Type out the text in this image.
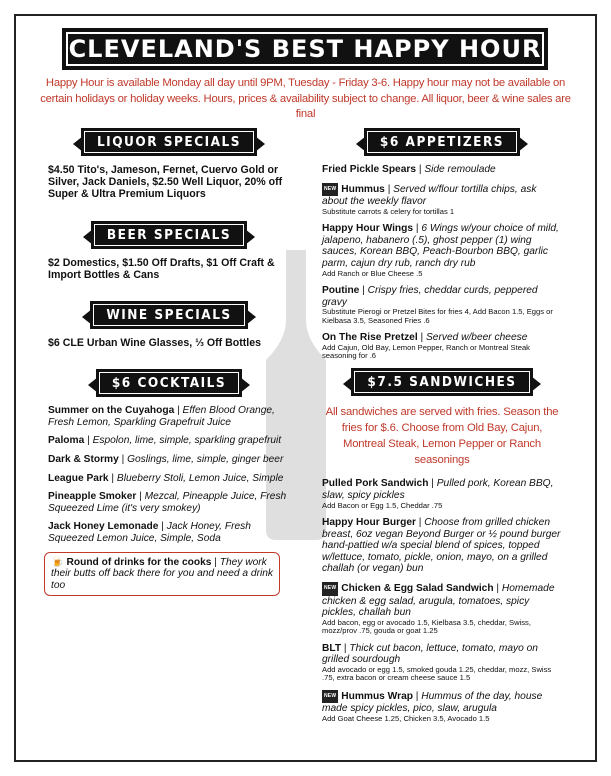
CLEVELAND'S BEST HAPPY HOUR
Happy Hour is available Monday all day until 9PM, Tuesday - Friday 3-6. Happy hour may not be available on certain holidays or holiday weeks. Hours, prices & availability subject to change. All liquor, beer & wine sales are final
LIQUOR SPECIALS
$4.50 Tito's, Jameson, Fernet, Cuervo Gold or Silver, Jack Daniels, $2.50 Well Liquor, 20% off Super & Ultra Premium Liquors
BEER SPECIALS
$2 Domestics, $1.50 Off Drafts, $1 Off Craft & Import Bottles & Cans
WINE SPECIALS
$6 CLE Urban Wine Glasses, ⅓ Off Bottles
$6 COCKTAILS
Summer on the Cuyahoga | Effen Blood Orange, Fresh Lemon, Sparkling Grapefruit Juice
Paloma | Espolon, lime, simple, sparkling grapefruit
Dark & Stormy | Goslings, lime, simple, ginger beer
League Park | Blueberry Stoli, Lemon Juice, Simple
Pineapple Smoker | Mezcal, Pineapple Juice, Fresh Squeezed Lime (it's very smokey)
Jack Honey Lemonade | Jack Honey, Fresh Squeezed Lemon Juice, Simple, Soda
🍺 Round of drinks for the cooks | They work their butts off back there for you and need a drink too
$6 APPETIZERS
Fried Pickle Spears | Side remoulade
NEW Hummus | Served w/flour tortilla chips, ask about the weekly flavor
Substitute carrots & celery for tortillas 1
Happy Hour Wings | 6 Wings w/your choice of mild, jalapeno, habanero (.5), ghost pepper (1) wing sauces, Korean BBQ, Peach-Bourbon BBQ, garlic parm, cajun dry rub, ranch dry rub
Add Ranch or Blue Cheese .5
Poutine | Crispy fries, cheddar curds, peppered gravy
Substitute Pierogi or Pretzel Bites for fries 4, Add Bacon 1.5, Eggs or Kielbasa 3.5, Seasoned Fries .6
On The Rise Pretzel | Served w/beer cheese
Add Cajun, Old Bay, Lemon Pepper, Ranch or Montreal Steak seasoning for .6
$7.5 SANDWICHES
All sandwiches are served with fries. Season the fries for $.6. Choose from Old Bay, Cajun, Montreal Steak, Lemon Pepper or Ranch seasonings
Pulled Pork Sandwich | Pulled pork, Korean BBQ, slaw, spicy pickles
Add Bacon or Egg 1.5, Cheddar .75
Happy Hour Burger | Choose from grilled chicken breast, 6oz vegan Beyond Burger or ½ pound burger hand-pattied w/a special blend of spices, topped w/lettuce, tomato, pickle, onion, mayo, on a grilled challah (or vegan) bun
NEW Chicken & Egg Salad Sandwich | Homemade chicken & egg salad, arugula, tomatoes, spicy pickles, challah bun
Add bacon, egg or avocado 1.5, Kielbasa 3.5, cheddar, Swiss, mozz/prov .75, gouda or goat 1.25
BLT | Thick cut bacon, lettuce, tomato, mayo on grilled sourdough
Add avocado or egg 1.5, smoked gouda 1.25, cheddar, mozz, Swiss .75, extra bacon or cream cheese sauce 1.5
NEW Hummus Wrap | Hummus of the day, house made spicy pickles, pico, slaw, arugula
Add Goat Cheese 1.25, Chicken 3.5, Avocado 1.5
